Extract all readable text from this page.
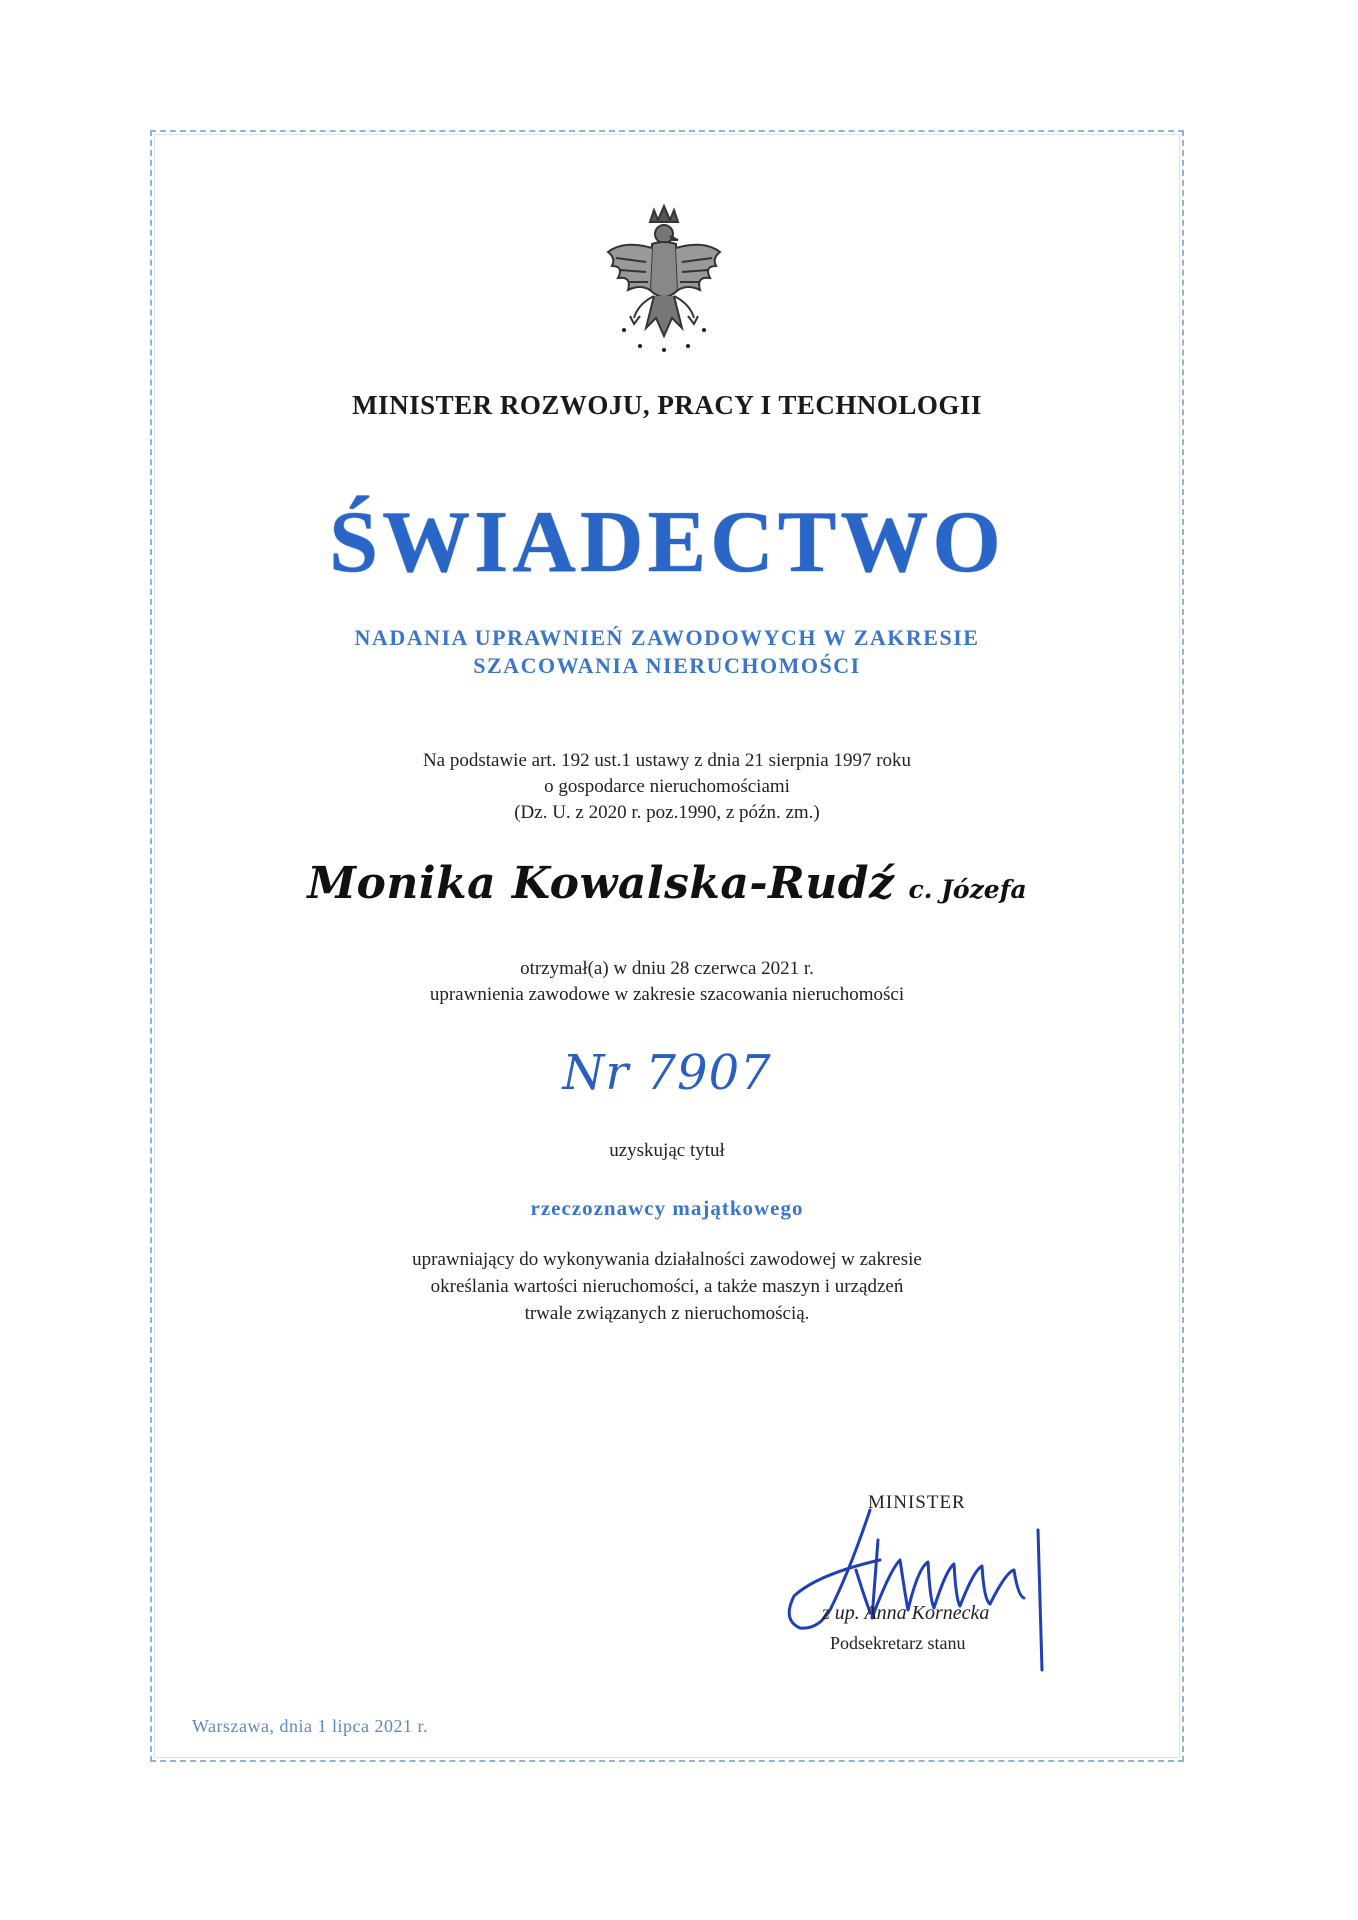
MINISTER ROZWOJU, PRACY I TECHNOLOGII
ŚWIADECTWO
NADANIA UPRAWNIEŃ ZAWODOWYCH W ZAKRESIE
SZACOWANIA NIERUCHOMOŚCI
Na podstawie art. 192 ust.1 ustawy z dnia 21 sierpnia 1997 roku
o gospodarce nieruchomościami
(Dz. U. z 2020 r. poz.1990, z późn. zm.)
Monika Kowalska-Rudź c. Józefa
otrzymał(a) w dniu 28 czerwca 2021 r.
uprawnienia zawodowe w zakresie szacowania nieruchomości
Nr 7907
uzyskując tytuł
rzeczoznawcy majątkowego
uprawniający do wykonywania działalności zawodowej w zakresie
określania wartości nieruchomości, a także maszyn i urządzeń
trwale związanych z nieruchomością.
MINISTER
z up. Anna Kornecka
Podsekretarz stanu
Warszawa, dnia 1 lipca 2021 r.
